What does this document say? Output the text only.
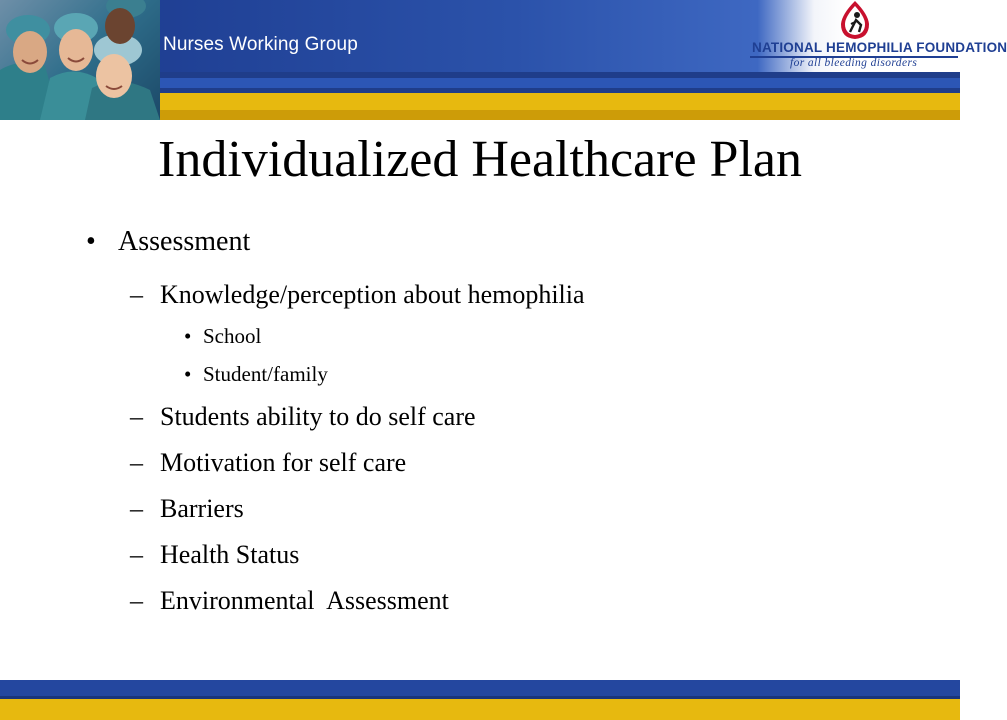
Nurses Working Group	NATIONAL HEMOPHILIA FOUNDATION
for all bleeding disorders
Individualized Healthcare Plan
• Assessment
– Knowledge/perception about hemophilia
• School
• Student/family
– Students ability to do self care
– Motivation for self care
– Barriers
– Health Status
– Environmental  Assessment
